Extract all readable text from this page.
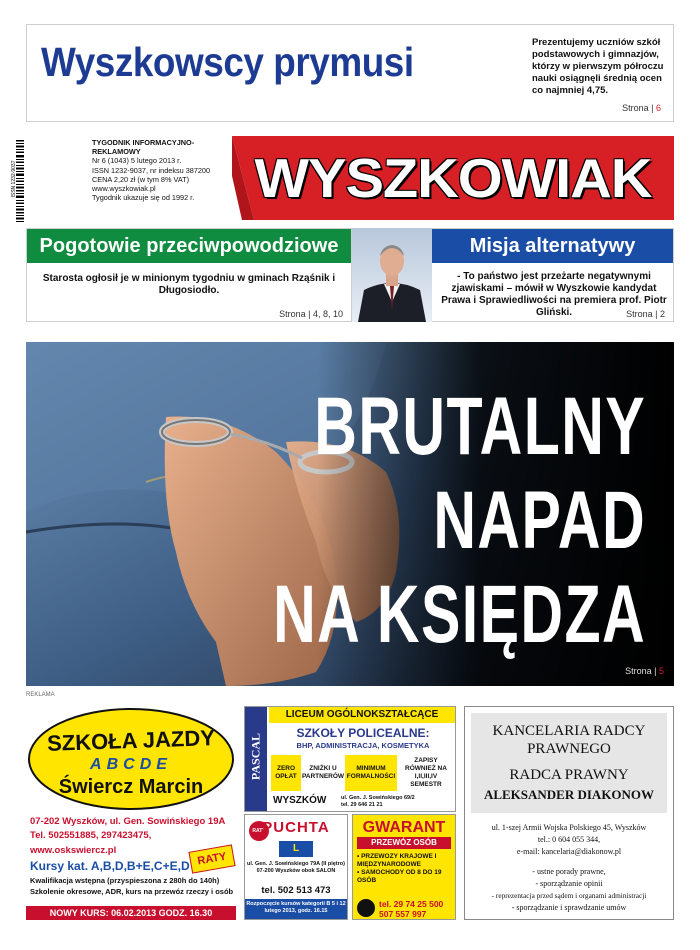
Wyszkowscy prymusi	Prezentujemy uczniów szkół podstawowych i gimnazjów, którzy w pierwszym półroczu nauki osiągnęli średnią ocen co najmniej 4,75.
Strona | 6
ISSN 1232-9037
TYGODNIK INFORMACYJNO-REKLAMOWY
Nr 6 (1043) 5 lutego 2013 r.
ISSN 1232-9037, nr indeksu 387200
CENA 2,20 zł (w tym 8% VAT)
www.wyszkowiak.pl
Tygodnik ukazuje się od 1992 r.	WYSZKOWIAK
Pogotowie przeciwpowodziowe
Starosta ogłosił je w minionym tygodniu w gminach Rząśnik i Długosiodło.
Strona | 4, 8, 10
Misja alternatywy
- To państwo jest przeżarte negatywnymi zjawiskami – mówił w Wyszkowie kandydat Prawa i Sprawiedliwości na premiera prof. Piotr Gliński.	Strona | 2
BRUTALNY
NAPAD
NA KSIĘDZA
Strona | 5
REKLAMA
SZKOŁA JAZDY
ABCDE
Świercz Marcin
07-202 Wyszków, ul. Gen. Sowińskiego 19A
Tel. 502551885, 297423475,
www.oskswiercz.pl
Kursy kat. A,B,D,B+E,C+E,D
Kwalifikacja wstępna (przyspieszona z 280h do 140h)
Szkolenie okresowe, ADR, kurs na przewóz rzeczy i osób
NOWY KURS: 06.02.2013 GODZ. 16.30
RATY
PASCAL
LICEUM OGÓLNOKSZTAŁCĄCE
SZKOŁY POLICEALNE:
BHP, ADMINISTRACJA, KOSMETYKA
ZERO OPŁAT
ZNIŻKI U PARTNERÓW
MINIMUM FORMALNOŚCI
ZAPISY RÓWNIEŻ NA I,II,III,IV SEMESTR
WYSZKÓW	ul. Gen. J. Sowińskiego 69/2
tel. 29 646 21 21
RATY
PUCHTA
L
ul. Gen. J. Sowińskiego 79A (II piętro) 07-200 Wyszków obok SALON
tel. 502 513 473
Rozpoczęcie kursów kategorii B 5 i 12 lutego 2013, godz. 16.15
GWARANT
PRZEWÓZ OSÓB
• PRZEWOZY KRAJOWE I MIĘDZYNARODOWE
• SAMOCHODY OD 8 DO 19 OSÓB
tel. 29 74 25 500
507 557 997
KANCELARIA RADCY
PRAWNEGO
RADCA PRAWNY
ALEKSANDER DIAKONOW
ul. 1-szej Armii Wojska Polskiego 45, Wyszków
tel.: 0 604 055 344,
e-mail: kancelaria@diakonow.pl
- ustne porady prawne,
- sporządzanie opinii
- reprezentacja przed sądem i organami administracji
- sporządzanie i sprawdzanie umów
